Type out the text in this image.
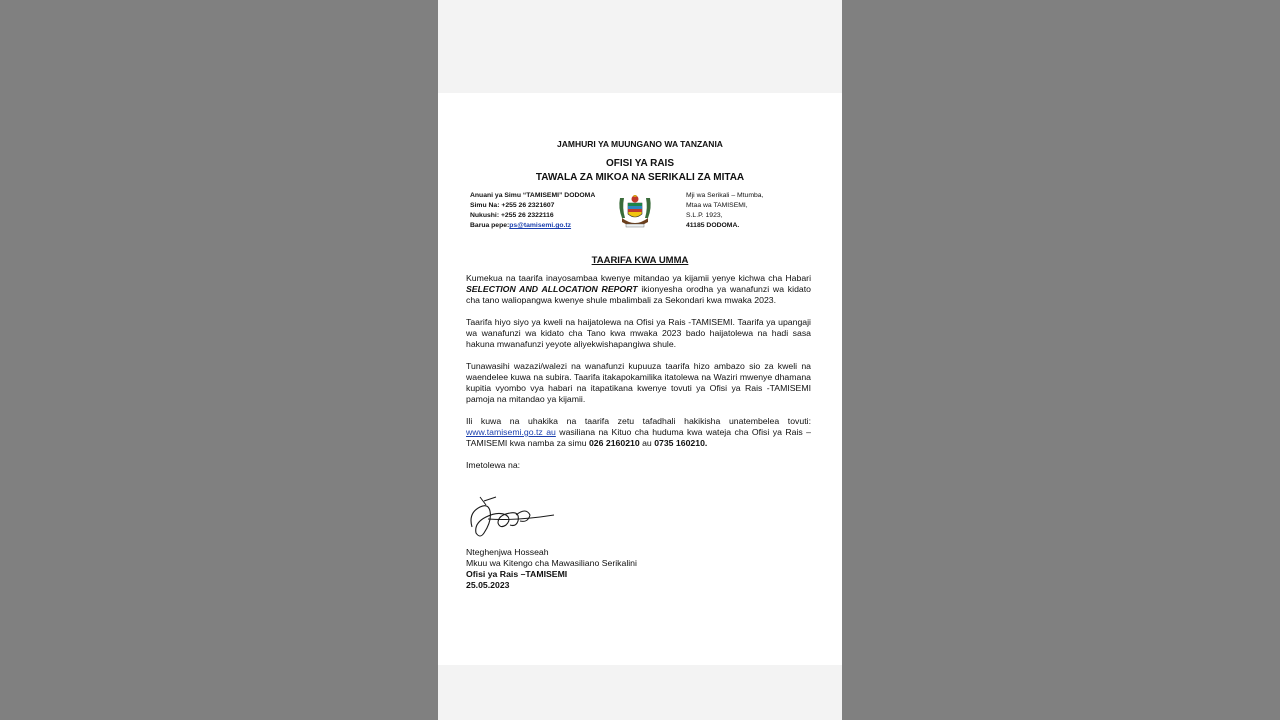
JAMHURI YA MUUNGANO WA TANZANIA
OFISI YA RAIS
TAWALA ZA MIKOA NA SERIKALI ZA MITAA
Anuani ya Simu “TAMISEMI” DODOMA
Simu Na: +255 26 2321607
Nukushi: +255 26 2322116
Barua pepe:ps@tamisemi.go.tz
Mji wa Serikali – Mtumba,
Mtaa wa TAMISEMI,
S.L.P. 1923,
41185 DODOMA.
TAARIFA KWA UMMA

Kumekua na taarifa inayosambaa kwenye mitandao ya kijamii yenye kichwa cha Habari SELECTION AND ALLOCATION REPORT ikionyesha orodha ya wanafunzi wa kidato cha tano waliopangwa kwenye shule mbalimbali za Sekondari kwa mwaka 2023.

Taarifa hiyo siyo ya kweli na haijatolewa na Ofisi ya Rais -TAMISEMI. Taarifa ya upangaji wa wanafunzi wa kidato cha Tano kwa mwaka 2023 bado haijatolewa na hadi sasa hakuna mwanafunzi yeyote aliyekwishapangiwa shule.

Tunawasihi wazazi/walezi na wanafunzi kupuuza taarifa hizo ambazo sio za kweli na waendelee kuwa na subira. Taarifa itakapokamilika itatolewa na Waziri mwenye dhamana kupitia vyombo vya habari na itapatikana kwenye tovuti ya Ofisi ya Rais -TAMISEMI pamoja na mitandao ya kijamii.

Ili kuwa na uhakika na taarifa zetu tafadhali hakikisha unatembelea tovuti: www.tamisemi.go.tz au wasiliana na Kituo cha huduma kwa wateja cha Ofisi ya Rais – TAMISEMI kwa namba za simu 026 2160210 au 0735 160210.

Imetolewa na:

Nteghenjwa Hosseah
Mkuu wa Kitengo cha Mawasiliano Serikalini
Ofisi ya Rais –TAMISEMI
25.05.2023
